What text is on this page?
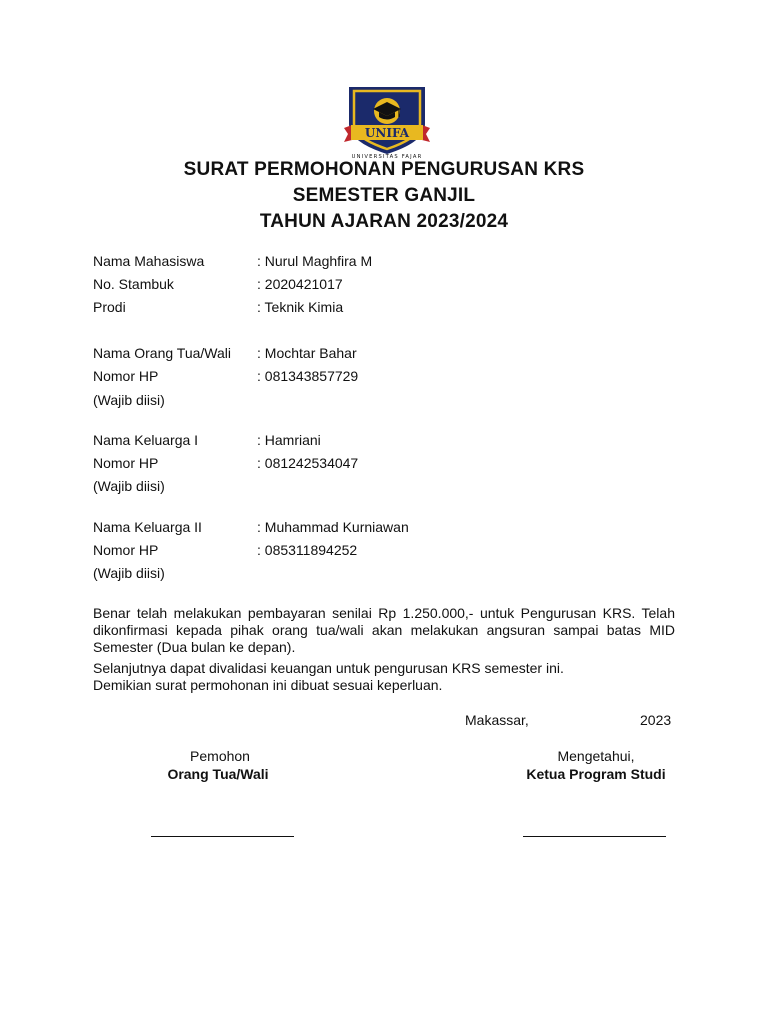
UNIFA
UNIVERSITAS FAJAR
SURAT PERMOHONAN PENGURUSAN KRS
SEMESTER GANJIL
TAHUN AJARAN 2023/2024
Nama Mahasiswa	: Nurul Maghfira M
No. Stambuk	: 2020421017
Prodi	: Teknik Kimia
Nama Orang Tua/Wali : Mochtar Bahar
Nomor HP	: 081343857729
(Wajib diisi)
Nama Keluarga I	: Hamriani
Nomor HP	: 081242534047
(Wajib diisi)
Nama Keluarga II	: Muhammad Kurniawan
Nomor HP	: 085311894252
(Wajib diisi)
Benar telah melakukan pembayaran senilai Rp 1.250.000,- untuk Pengurusan KRS. Telah dikonfirmasi kepada pihak orang tua/wali akan melakukan angsuran sampai batas MID Semester (Dua bulan ke depan).
Selanjutnya dapat divalidasi keuangan untuk pengurusan KRS semester ini.
Demikian surat permohonan ini dibuat sesuai keperluan.
Makassar,	2023
Pemohon
Orang Tua/Wali
Mengetahui,
Ketua Program Studi
